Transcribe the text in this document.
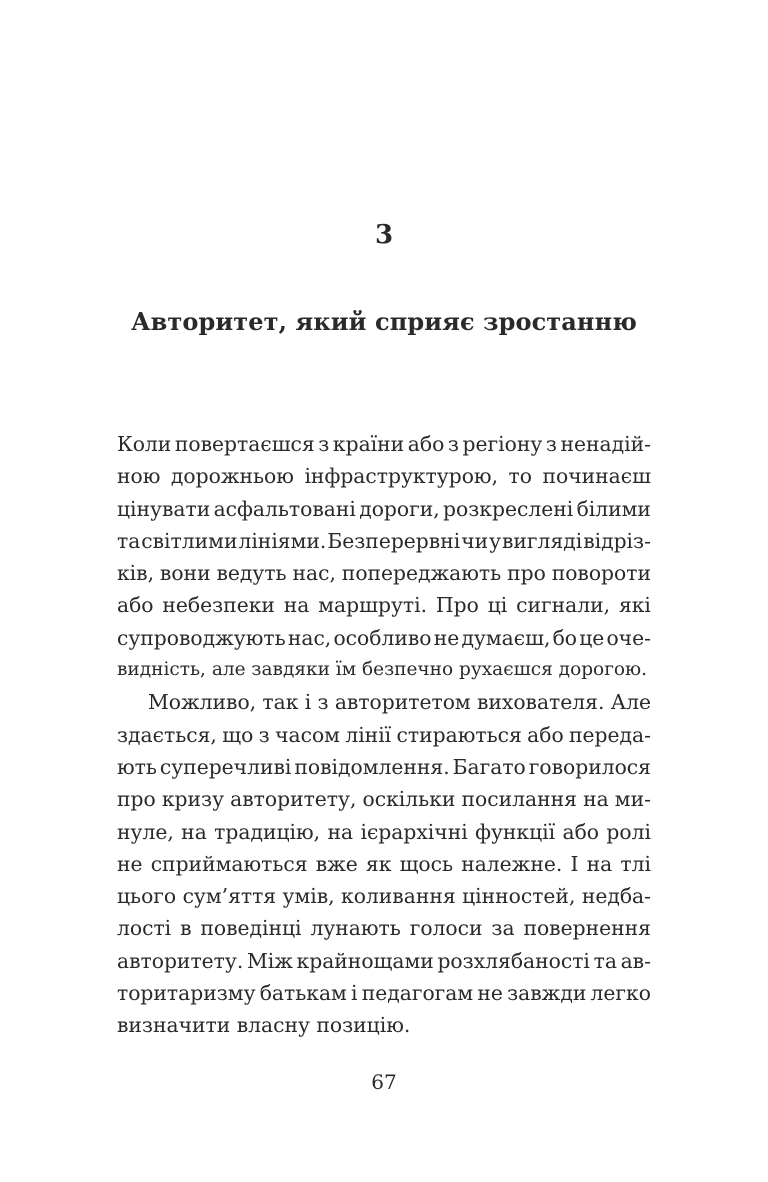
3
Авторитет, який сприяє зростанню
Коли повертаєшся з країни або з регіону з ненадій-
ною дорожньою інфраструктурою, то починаєш
цінувати асфальтовані дороги, розкреслені білими
та світлими лініями. Безперервні чи у вигляді відріз-
ків, вони ведуть нас, попереджають про повороти
або небезпеки на маршруті. Про ці сигнали, які
супроводжують нас, особливо не думаєш, бо це оче-
видність, але завдяки їм безпечно рухаєшся дорогою.
Можливо, так і з авторитетом вихователя. Але
здається, що з часом лінії стираються або переда-
ють суперечливі повідомлення. Багато говорилося
про кризу авторитету, оскільки посилання на ми-
нуле, на традицію, на ієрархічні функції або ролі
не сприймаються вже як щось належне. І на тлі
цього сум’яття умів, коливання цінностей, недба-
лості в поведінці лунають голоси за повернення
авторитету. Між крайнощами розхлябаності та ав-
торитаризму батькам і педагогам не завжди легко
визначити власну позицію.
67
